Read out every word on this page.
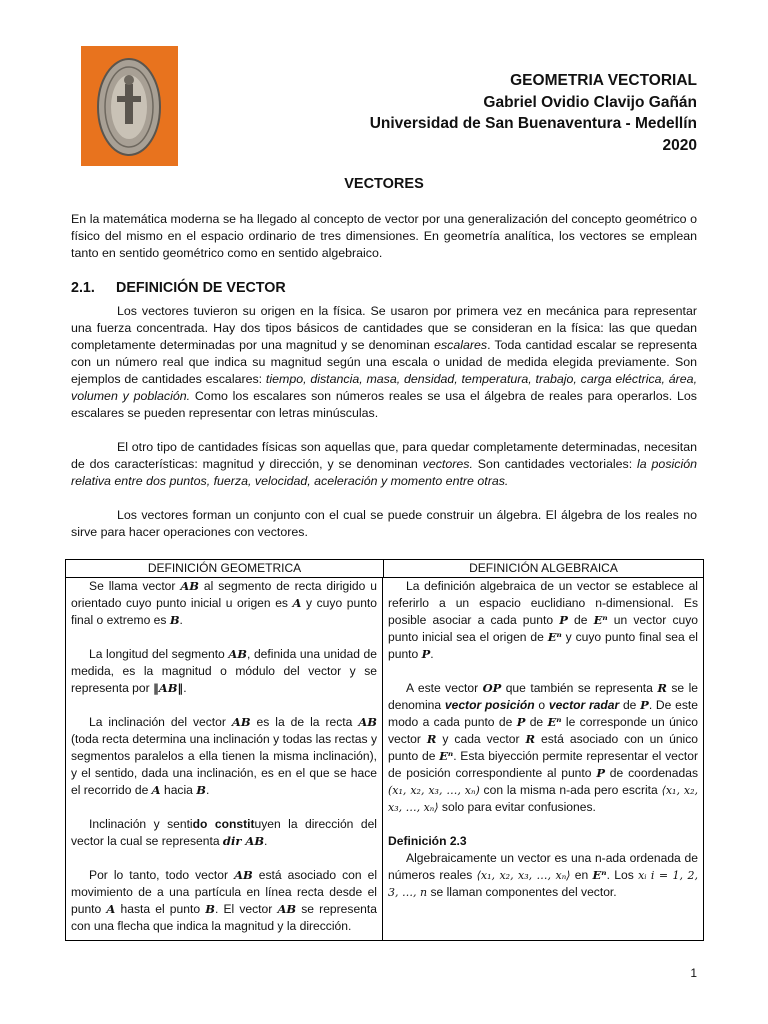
GEOMETRIA VECTORIAL
Gabriel Ovidio Clavijo Gañán
Universidad de San Buenaventura - Medellín
2020
VECTORES

En la matemática moderna se ha llegado al concepto de vector por una generalización del concepto geométrico o físico del mismo en el espacio ordinario de tres dimensiones. En geometría analítica, los vectores se emplean tanto en sentido geométrico como en sentido algebraico.

2.1. DEFINICIÓN DE VECTOR

Los vectores tuvieron su origen en la física. Se usaron por primera vez en mecánica para representar una fuerza concentrada. Hay dos tipos básicos de cantidades que se consideran en la física: las que quedan completamente determinadas por una magnitud y se denominan escalares. Toda cantidad escalar se representa con un número real que indica su magnitud según una escala o unidad de medida elegida previamente. Son ejemplos de cantidades escalares: tiempo, distancia, masa, densidad, temperatura, trabajo, carga eléctrica, área, volumen y población. Como los escalares son números reales se usa el álgebra de reales para operarlos. Los escalares se pueden representar con letras minúsculas.

El otro tipo de cantidades físicas son aquellas que, para quedar completamente determinadas, necesitan de dos características: magnitud y dirección, y se denominan vectores. Son cantidades vectoriales: la posición relativa entre dos puntos, fuerza, velocidad, aceleración y momento entre otras.

Los vectores forman un conjunto con el cual se puede construir un álgebra. El álgebra de los reales no sirve para hacer operaciones con vectores.

DEFINICIÓN GEOMETRICA	DEFINICIÓN ALGEBRAICA

Se llama vector AB al segmento de recta dirigido u orientado cuyo punto inicial u origen es A y cuyo punto final o extremo es B.

La longitud del segmento AB, definida una unidad de medida, es la magnitud o módulo del vector y se representa por ‖AB‖.

La inclinación del vector AB es la de la recta AB (toda recta determina una inclinación y todas las rectas y segmentos paralelos a ella tienen la misma inclinación), y el sentido, dada una inclinación, es en el que se hace el recorrido de A hacia B.

Inclinación y sentido constituyen la dirección del vector la cual se representa dir AB.

Por lo tanto, todo vector AB está asociado con el movimiento de a una partícula en línea recta desde el punto A hasta el punto B. El vector AB se representa con una flecha que indica la magnitud y la dirección.

La definición algebraica de un vector se establece al referirlo a un espacio euclidiano n-dimensional. Es posible asociar a cada punto P de Eⁿ un vector cuyo punto inicial sea el origen de Eⁿ y cuyo punto final sea el punto P.

A este vector OP que también se representa R se le denomina vector posición o vector radar de P. De este modo a cada punto de P de Eⁿ le corresponde un único vector R y cada vector R está asociado con un único punto de Eⁿ. Esta biyección permite representar el vector de posición correspondiente al punto P de coordenadas (x₁, x₂, x₃, …, xₙ) con la misma n-ada pero escrita ⟨x₁, x₂, x₃, …, xₙ⟩ solo para evitar confusiones.

Definición 2.3

Algebraicamente un vector es una n-ada ordenada de números reales ⟨x₁, x₂, x₃, …, xₙ⟩ en Eⁿ. Los xᵢ i = 1, 2, 3, …, n se llaman componentes del vector.

1
